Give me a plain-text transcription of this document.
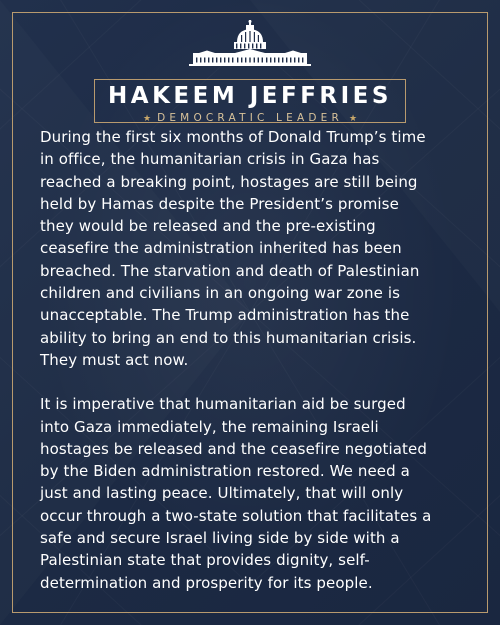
HAKEEM JEFFRIES
★ DEMOCRATIC LEADER ★

During the first six months of Donald Trump’s time
in office, the humanitarian crisis in Gaza has
reached a breaking point, hostages are still being
held by Hamas despite the President’s promise
they would be released and the pre-existing
ceasefire the administration inherited has been
breached. The starvation and death of Palestinian
children and civilians in an ongoing war zone is
unacceptable. The Trump administration has the
ability to bring an end to this humanitarian crisis.
They must act now.

It is imperative that humanitarian aid be surged
into Gaza immediately, the remaining Israeli
hostages be released and the ceasefire negotiated
by the Biden administration restored. We need a
just and lasting peace. Ultimately, that will only
occur through a two-state solution that facilitates a
safe and secure Israel living side by side with a
Palestinian state that provides dignity, self-
determination and prosperity for its people.
